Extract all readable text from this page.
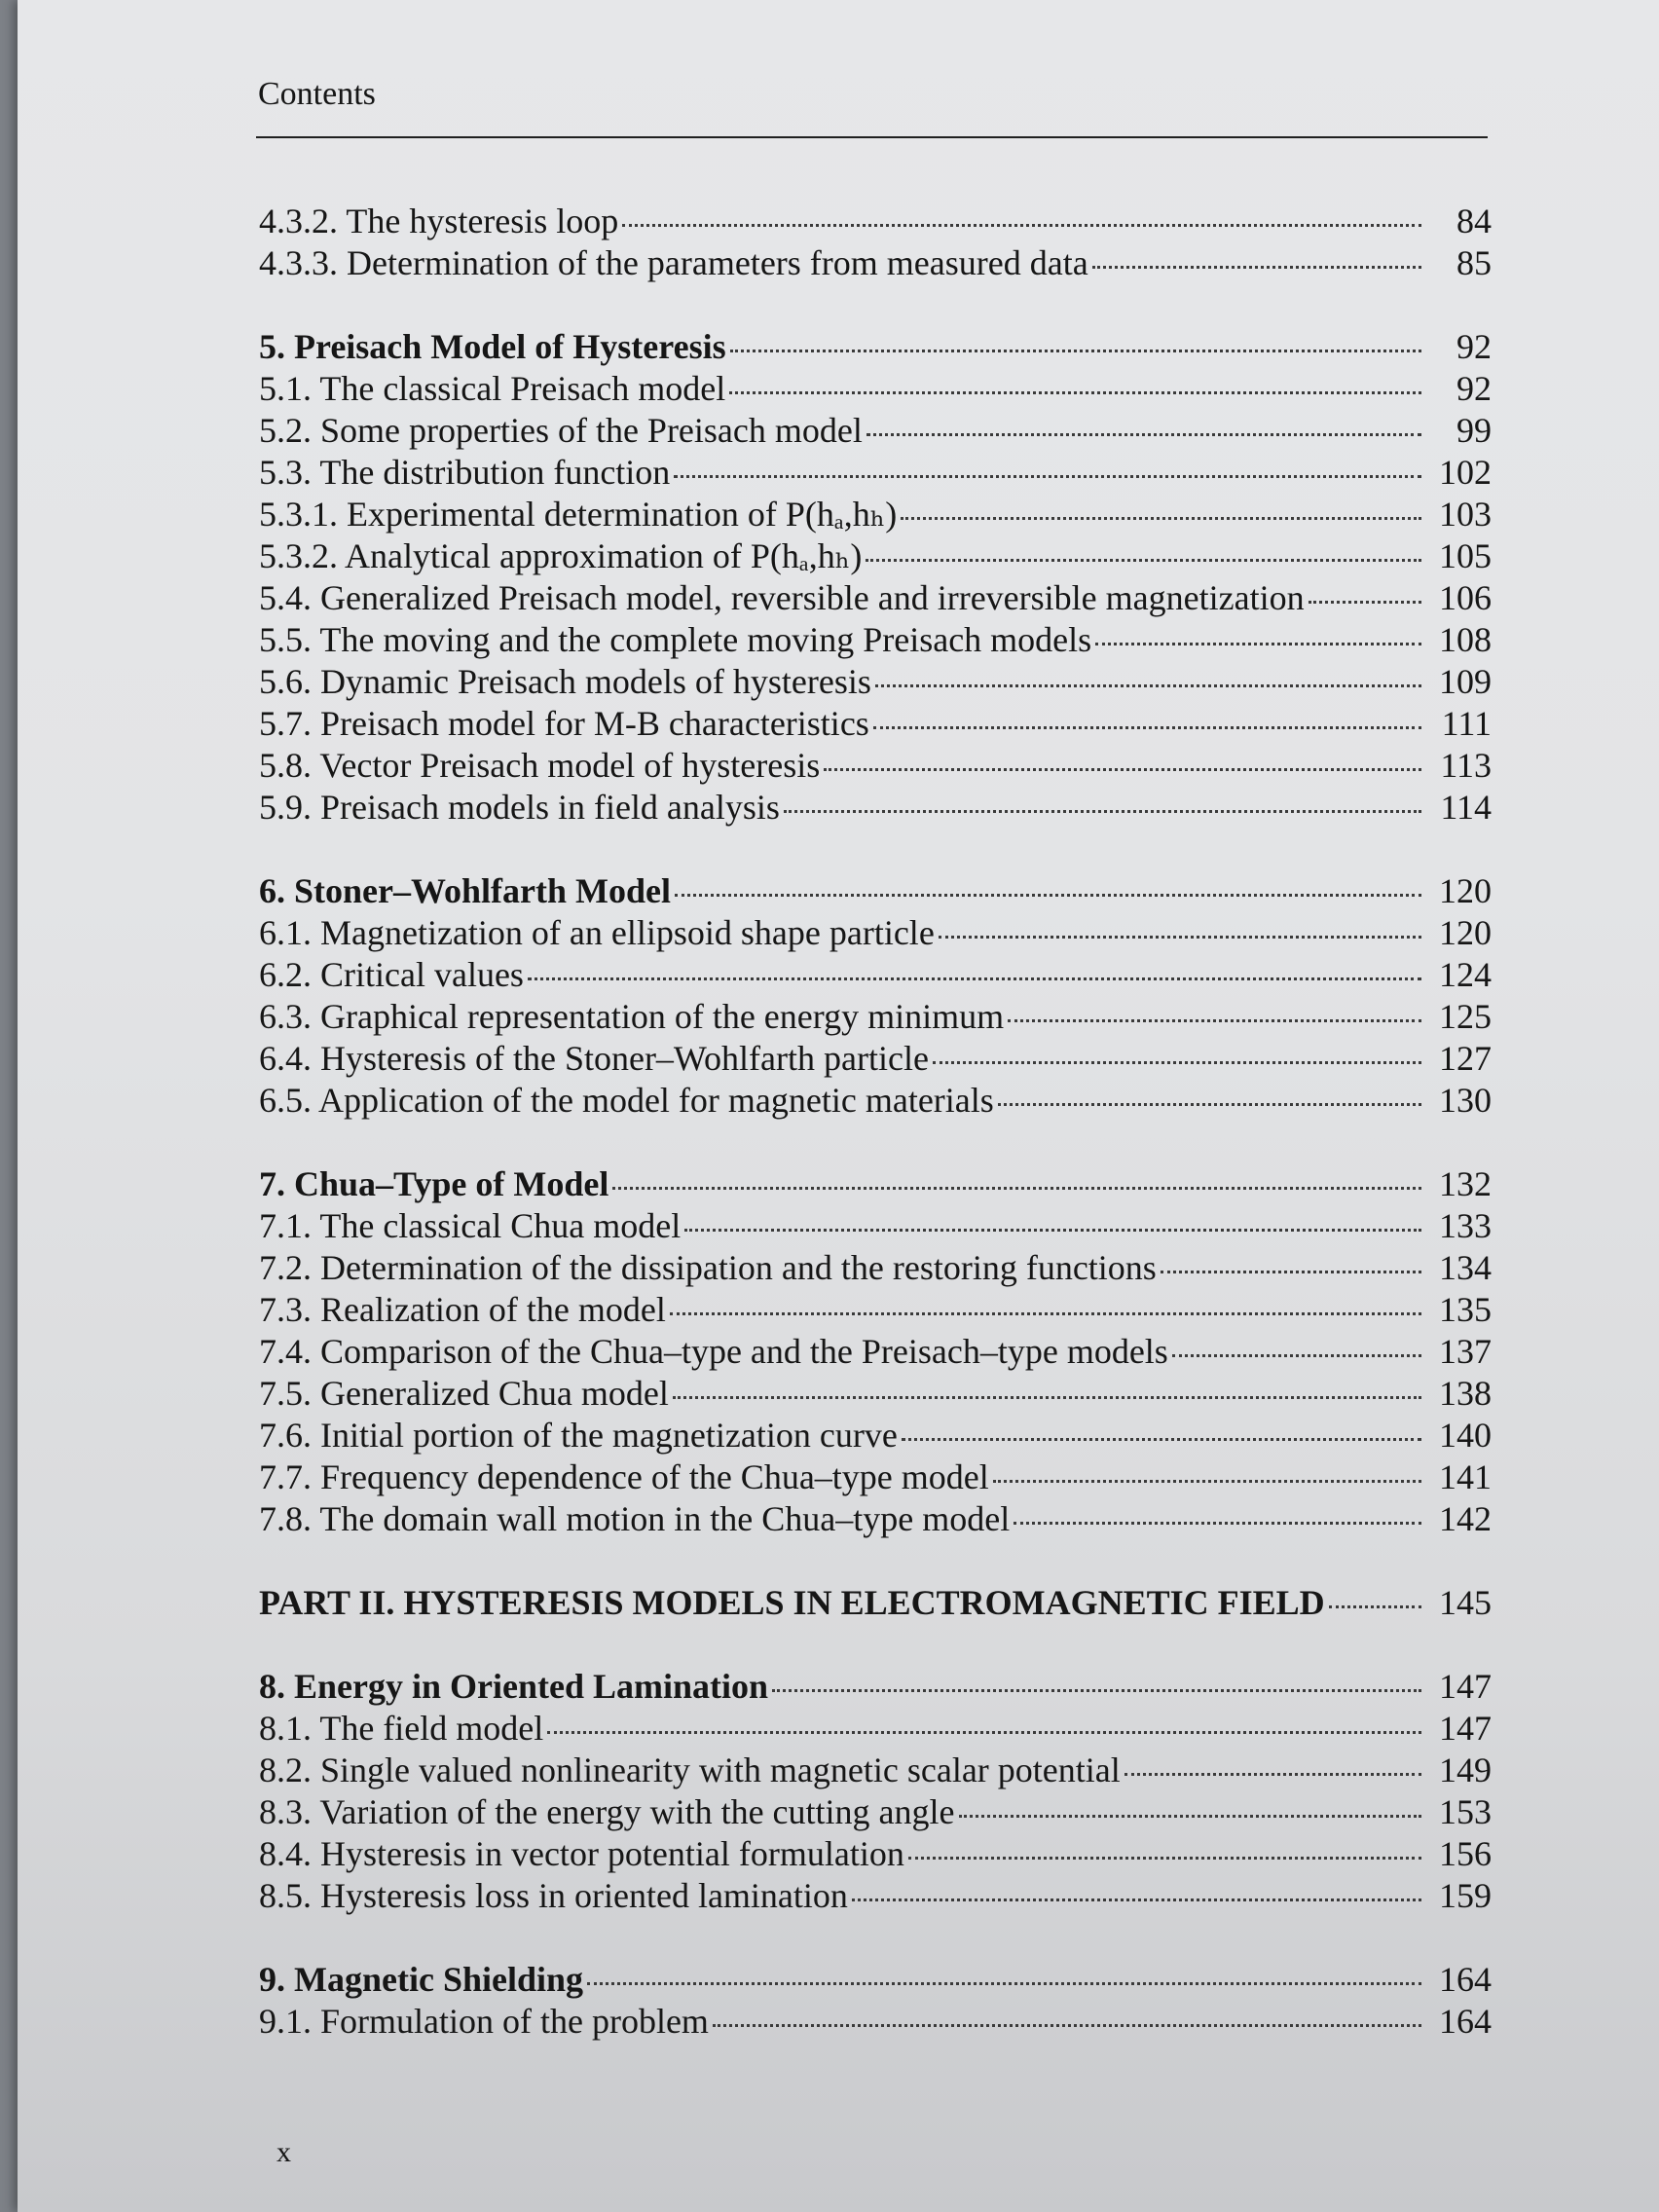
Contents
4.3.2. The hysteresis loop	84
4.3.3. Determination of the parameters from measured data	85
5. Preisach Model of Hysteresis	92
5.1. The classical Preisach model	92
5.2. Some properties of the Preisach model	99
5.3. The distribution function	102
5.3.1. Experimental determination of P(hₐ,hₕ)	103
5.3.2. Analytical approximation of P(hₐ,hₕ)	105
5.4. Generalized Preisach model, reversible and irreversible magnetization	106
5.5. The moving and the complete moving Preisach models	108
5.6. Dynamic Preisach models of hysteresis	109
5.7. Preisach model for M-B characteristics	111
5.8. Vector Preisach model of hysteresis	113
5.9. Preisach models in field analysis	114
6. Stoner–Wohlfarth Model	120
6.1. Magnetization of an ellipsoid shape particle	120
6.2. Critical values	124
6.3. Graphical representation of the energy minimum	125
6.4. Hysteresis of the Stoner–Wohlfarth particle	127
6.5. Application of the model for magnetic materials	130
7. Chua–Type of Model	132
7.1. The classical Chua model	133
7.2. Determination of the dissipation and the restoring functions	134
7.3. Realization of the model	135
7.4. Comparison of the Chua–type and the Preisach–type models	137
7.5. Generalized Chua model	138
7.6. Initial portion of the magnetization curve	140
7.7. Frequency dependence of the Chua–type model	141
7.8. The domain wall motion in the Chua–type model	142
PART II. HYSTERESIS MODELS IN ELECTROMAGNETIC FIELD	145
8. Energy in Oriented Lamination	147
8.1. The field model	147
8.2. Single valued nonlinearity with magnetic scalar potential	149
8.3. Variation of the energy with the cutting angle	153
8.4. Hysteresis in vector potential formulation	156
8.5. Hysteresis loss in oriented lamination	159
9. Magnetic Shielding	164
9.1. Formulation of the problem	164
x
